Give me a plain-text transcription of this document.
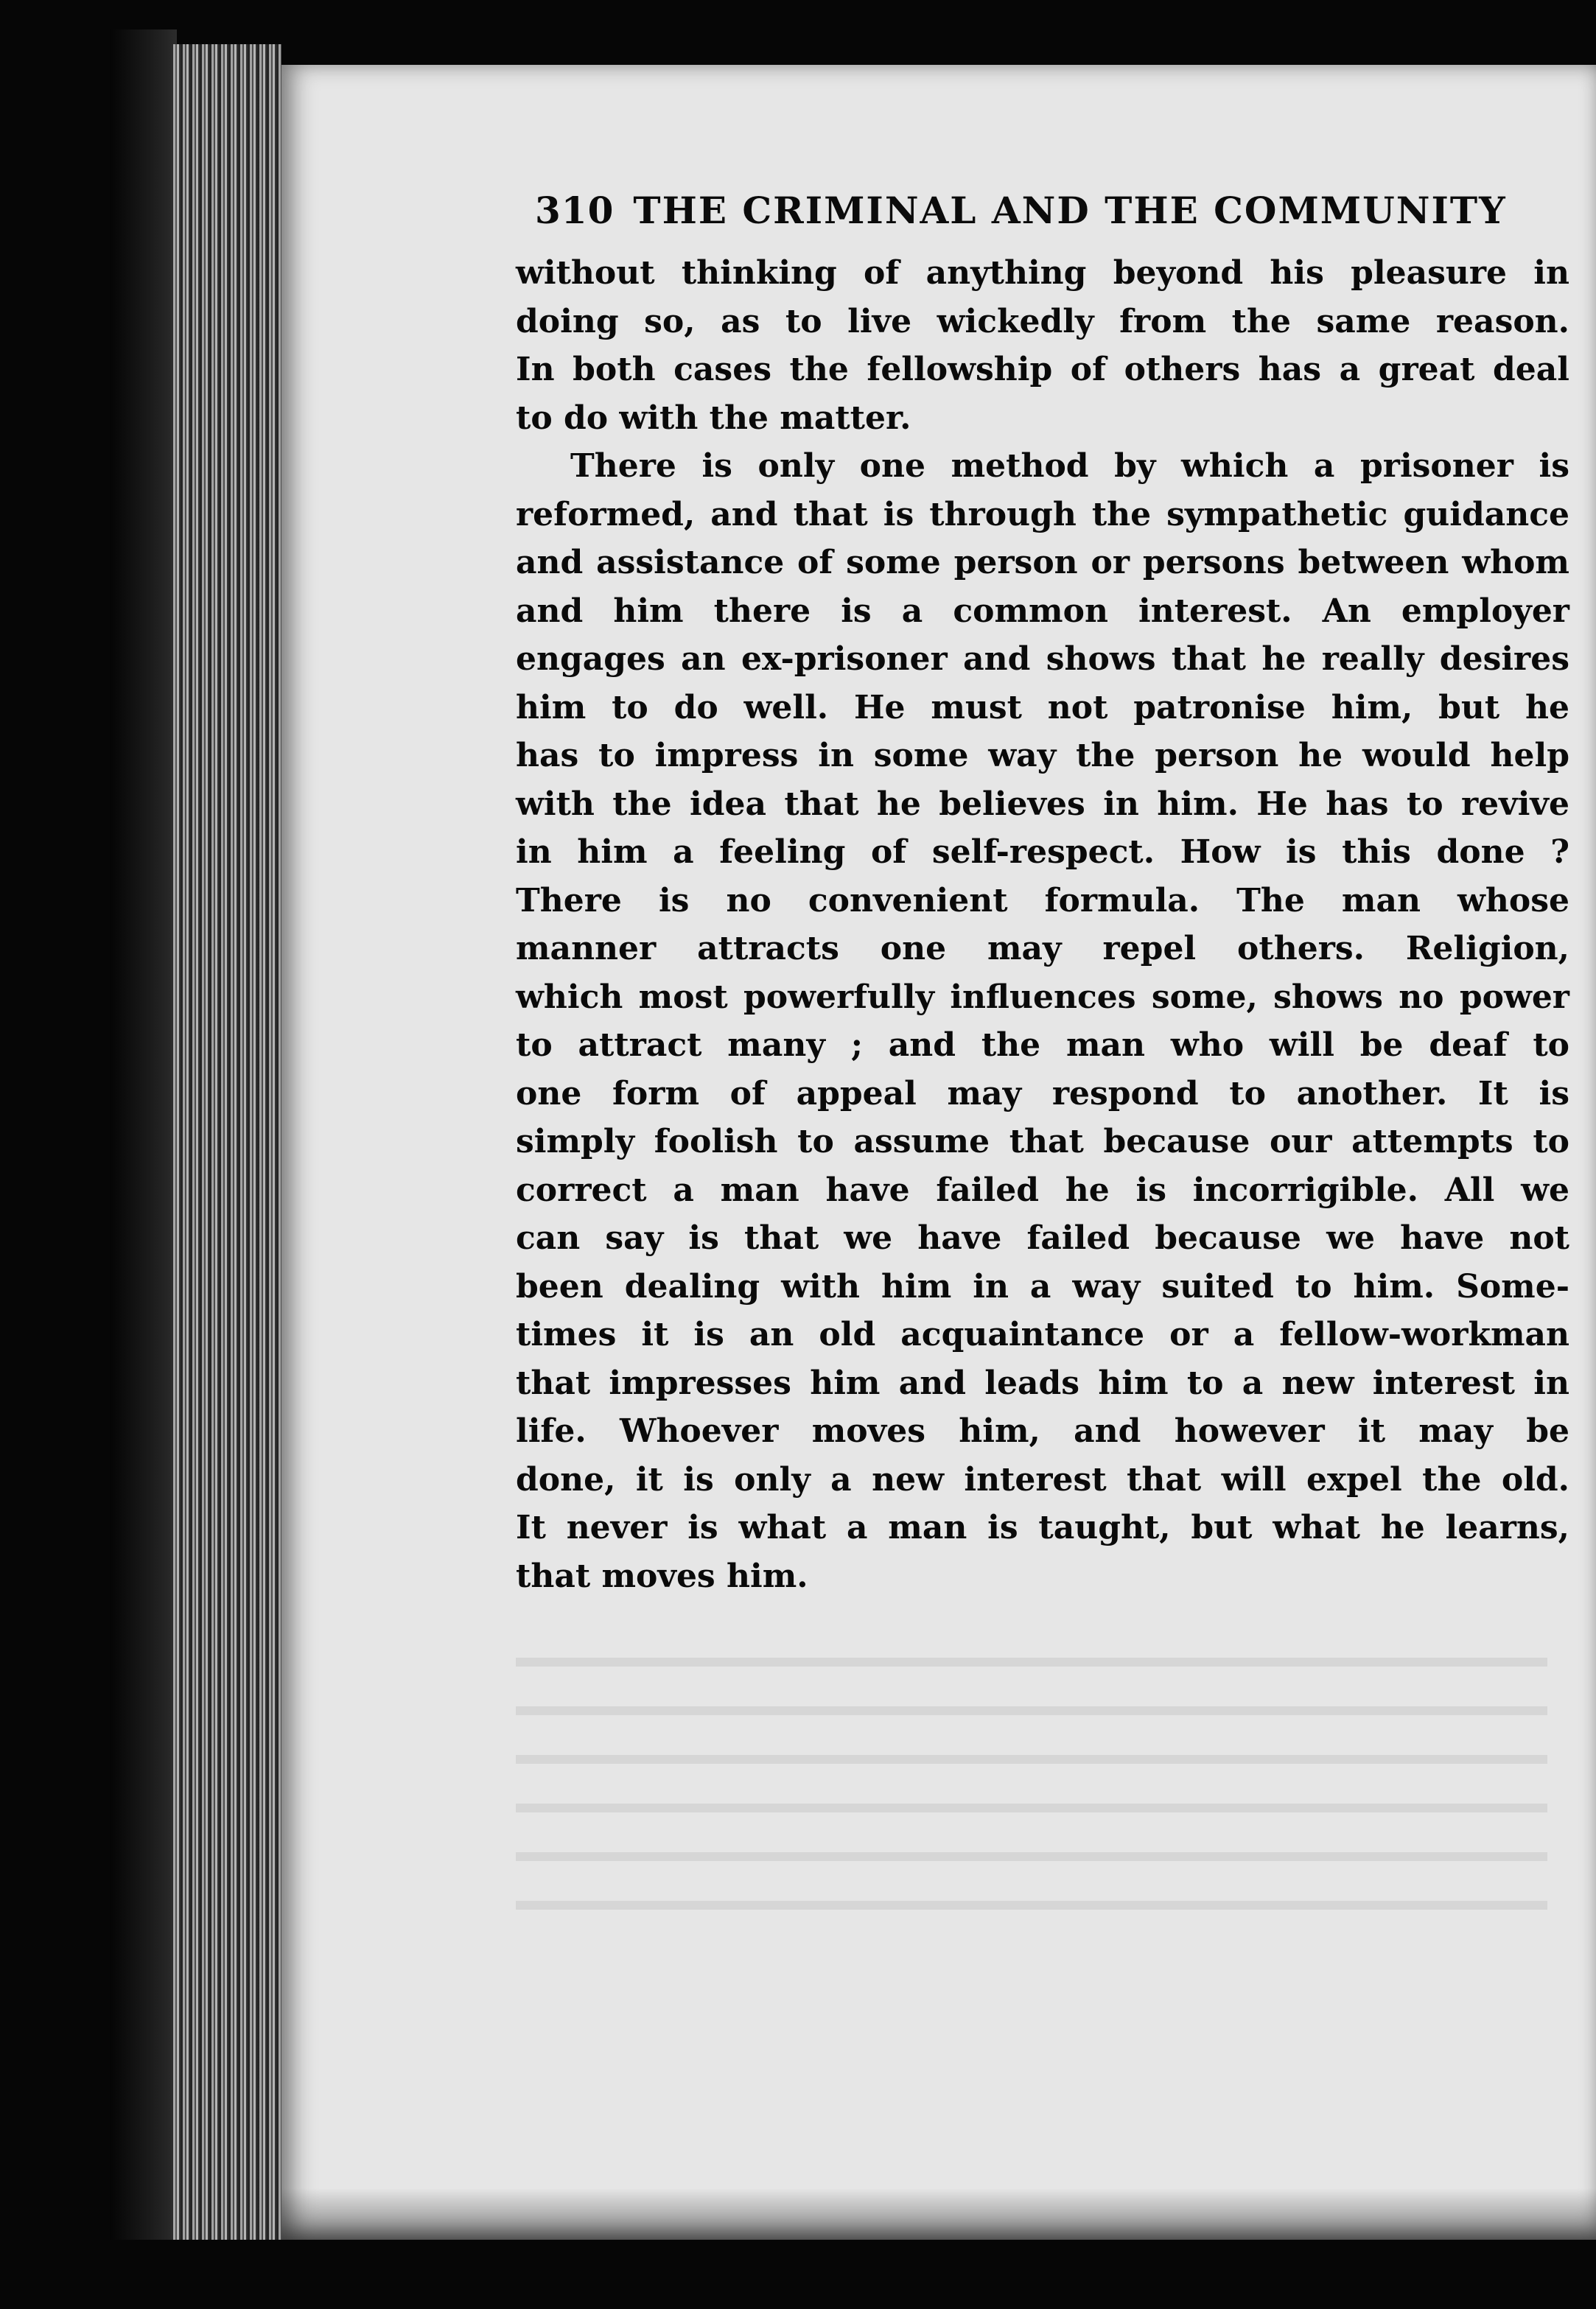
310 THE CRIMINAL AND THE COMMUNITY
without thinking of anything beyond his pleasure in
doing so, as to live wickedly from the same reason.
In both cases the fellowship of others has a great deal
to do with the matter.
There is only one method by which a prisoner is
reformed, and that is through the sympathetic guidance
and assistance of some person or persons between whom
and him there is a common interest. An employer
engages an ex-prisoner and shows that he really desires
him to do well. He must not patronise him, but he
has to impress in some way the person he would help
with the idea that he believes in him. He has to revive
in him a feeling of self-respect. How is this done ?
There is no convenient formula. The man whose
manner attracts one may repel others. Religion,
which most powerfully influences some, shows no power
to attract many ; and the man who will be deaf to
one form of appeal may respond to another. It is
simply foolish to assume that because our attempts to
correct a man have failed he is incorrigible. All we
can say is that we have failed because we have not
been dealing with him in a way suited to him. Some-
times it is an old acquaintance or a fellow-workman
that impresses him and leads him to a new interest in
life. Whoever moves him, and however it may be
done, it is only a new interest that will expel the old.
It never is what a man is taught, but what he learns,
that moves him.
